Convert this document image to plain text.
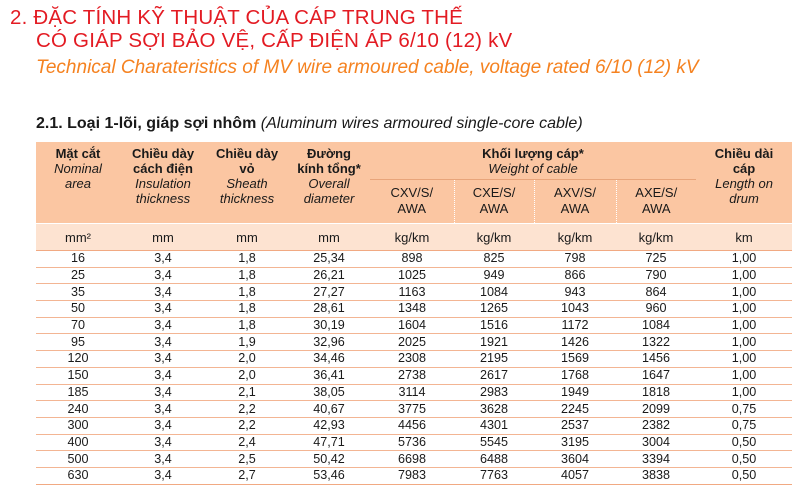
2. ĐẶC TÍNH KỸ THUẬT CỦA CÁP TRUNG THẾ
CÓ GIÁP SỢI BẢO VỆ, CẤP ĐIỆN ÁP 6/10 (12) kV
Technical Charateristics of MV wire armoured cable, voltage rated 6/10 (12) kV
2.1. Loại 1-lõi, giáp sợi nhôm (Aluminum wires armoured single-core cable)
Mặt cắt
Nominal
area	Chiều dày
cách điện
Insulation
thickness	Chiều dày
vỏ
Sheath
thickness	Đường
kính tổng*
Overall
diameter	Khối lượng cáp*
Weight of cable				Chiều dài
cáp
Length on
drum

				CXV/S/
AWA	CXE/S/
AWA	AXV/S/
AWA	AXE/S/
AWA	
mm²	mm	mm	mm	kg/km	kg/km	kg/km	kg/km	km
16	3,4	1,8	25,34	898	825	798	725	1,00
25	3,4	1,8	26,21	1025	949	866	790	1,00
35	3,4	1,8	27,27	1163	1084	943	864	1,00
50	3,4	1,8	28,61	1348	1265	1043	960	1,00
70	3,4	1,8	30,19	1604	1516	1172	1084	1,00
95	3,4	1,9	32,96	2025	1921	1426	1322	1,00
120	3,4	2,0	34,46	2308	2195	1569	1456	1,00
150	3,4	2,0	36,41	2738	2617	1768	1647	1,00
185	3,4	2,1	38,05	3114	2983	1949	1818	1,00
240	3,4	2,2	40,67	3775	3628	2245	2099	0,75
300	3,4	2,2	42,93	4456	4301	2537	2382	0,75
400	3,4	2,4	47,71	5736	5545	3195	3004	0,50
500	3,4	2,5	50,42	6698	6488	3604	3394	0,50
630	3,4	2,7	53,46	7983	7763	4057	3838	0,50
